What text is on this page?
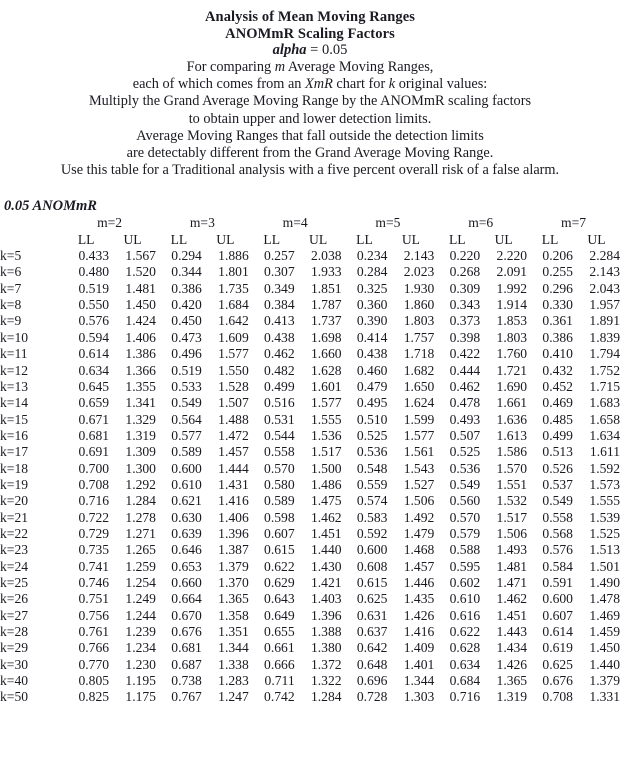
Analysis of Mean Moving Ranges
ANOMmR Scaling Factors
alpha = 0.05
For comparing m Average Moving Ranges,
each of which comes from an XmR chart for k original values:
Multiply the Grand Average Moving Range by the ANOMmR scaling factors
to obtain upper and lower detection limits.
Average Moving Ranges that fall outside the detection limits
are detectably different from the Grand Average Moving Range.
Use this table for a Traditional analysis with a five percent overall risk of a false alarm.
0.05 ANOMmR
	m=2		m=3		m=4		m=5		m=6		m=7	
	LL	UL	LL	UL	LL	UL	LL	UL	LL	UL	LL	UL
k=5	0.433	1.567	0.294	1.886	0.257	2.038	0.234	2.143	0.220	2.220	0.206	2.284
k=6	0.480	1.520	0.344	1.801	0.307	1.933	0.284	2.023	0.268	2.091	0.255	2.143
k=7	0.519	1.481	0.386	1.735	0.349	1.851	0.325	1.930	0.309	1.992	0.296	2.043
k=8	0.550	1.450	0.420	1.684	0.384	1.787	0.360	1.860	0.343	1.914	0.330	1.957
k=9	0.576	1.424	0.450	1.642	0.413	1.737	0.390	1.803	0.373	1.853	0.361	1.891
k=10	0.594	1.406	0.473	1.609	0.438	1.698	0.414	1.757	0.398	1.803	0.386	1.839
k=11	0.614	1.386	0.496	1.577	0.462	1.660	0.438	1.718	0.422	1.760	0.410	1.794
k=12	0.634	1.366	0.519	1.550	0.482	1.628	0.460	1.682	0.444	1.721	0.432	1.752
k=13	0.645	1.355	0.533	1.528	0.499	1.601	0.479	1.650	0.462	1.690	0.452	1.715
k=14	0.659	1.341	0.549	1.507	0.516	1.577	0.495	1.624	0.478	1.661	0.469	1.683
k=15	0.671	1.329	0.564	1.488	0.531	1.555	0.510	1.599	0.493	1.636	0.485	1.658
k=16	0.681	1.319	0.577	1.472	0.544	1.536	0.525	1.577	0.507	1.613	0.499	1.634
k=17	0.691	1.309	0.589	1.457	0.558	1.517	0.536	1.561	0.525	1.586	0.513	1.611
k=18	0.700	1.300	0.600	1.444	0.570	1.500	0.548	1.543	0.536	1.570	0.526	1.592
k=19	0.708	1.292	0.610	1.431	0.580	1.486	0.559	1.527	0.549	1.551	0.537	1.573
k=20	0.716	1.284	0.621	1.416	0.589	1.475	0.574	1.506	0.560	1.532	0.549	1.555
k=21	0.722	1.278	0.630	1.406	0.598	1.462	0.583	1.492	0.570	1.517	0.558	1.539
k=22	0.729	1.271	0.639	1.396	0.607	1.451	0.592	1.479	0.579	1.506	0.568	1.525
k=23	0.735	1.265	0.646	1.387	0.615	1.440	0.600	1.468	0.588	1.493	0.576	1.513
k=24	0.741	1.259	0.653	1.379	0.622	1.430	0.608	1.457	0.595	1.481	0.584	1.501
k=25	0.746	1.254	0.660	1.370	0.629	1.421	0.615	1.446	0.602	1.471	0.591	1.490
k=26	0.751	1.249	0.664	1.365	0.643	1.403	0.625	1.435	0.610	1.462	0.600	1.478
k=27	0.756	1.244	0.670	1.358	0.649	1.396	0.631	1.426	0.616	1.451	0.607	1.469
k=28	0.761	1.239	0.676	1.351	0.655	1.388	0.637	1.416	0.622	1.443	0.614	1.459
k=29	0.766	1.234	0.681	1.344	0.661	1.380	0.642	1.409	0.628	1.434	0.619	1.450
k=30	0.770	1.230	0.687	1.338	0.666	1.372	0.648	1.401	0.634	1.426	0.625	1.440
k=40	0.805	1.195	0.738	1.283	0.711	1.322	0.696	1.344	0.684	1.365	0.676	1.379
k=50	0.825	1.175	0.767	1.247	0.742	1.284	0.728	1.303	0.716	1.319	0.708	1.331
